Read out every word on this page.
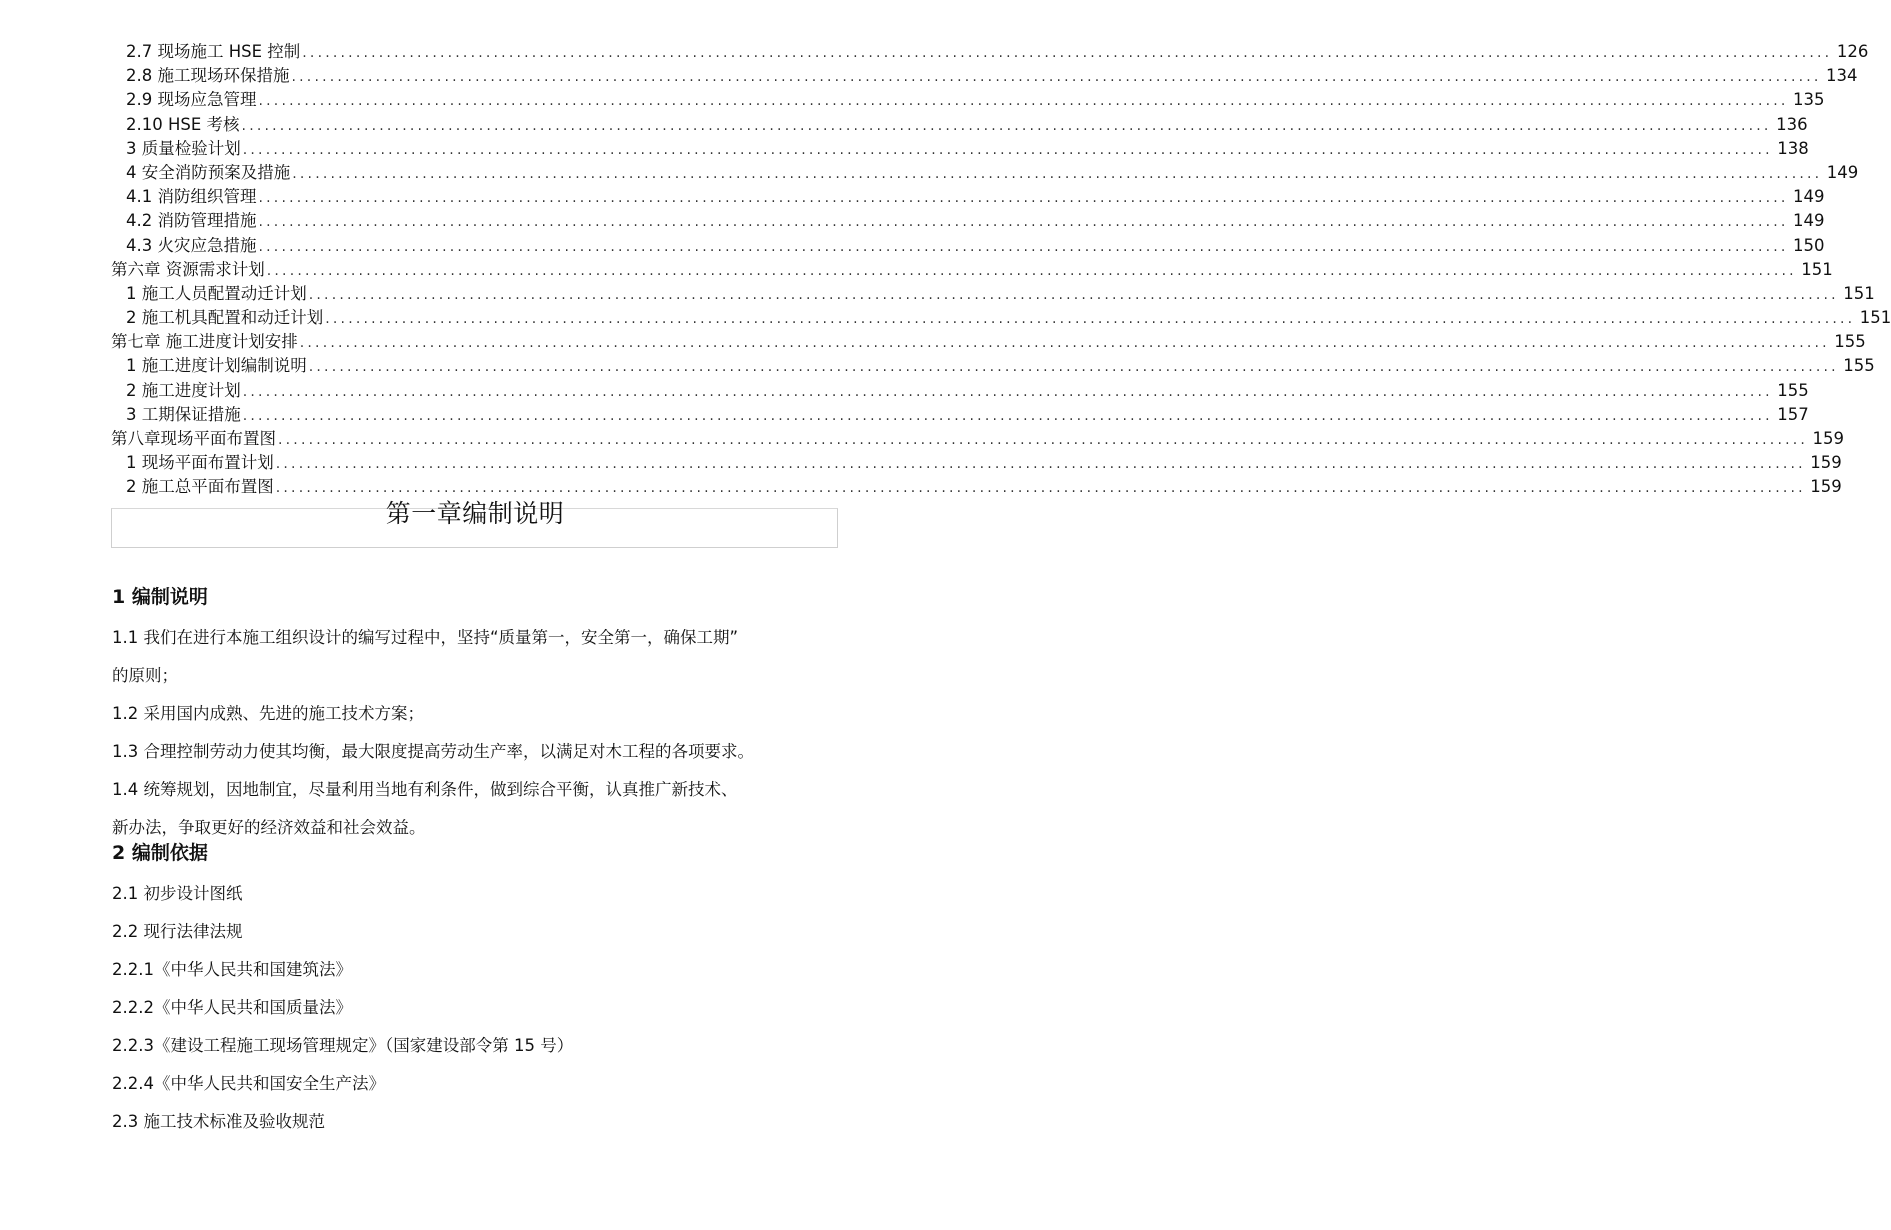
2.7 现场施工 HSE 控制 ........................................................................................................................................................................................................ 126
2.8 施工现场环保措施 ........................................................................................................................................................................................................ 134
2.9 现场应急管理 ........................................................................................................................................................................................................ 135
2.10 HSE 考核 ........................................................................................................................................................................................................ 136
3 质量检验计划 ........................................................................................................................................................................................................ 138
4 安全消防预案及措施 ........................................................................................................................................................................................................ 149
4.1 消防组织管理 ........................................................................................................................................................................................................ 149
4.2 消防管理措施 ........................................................................................................................................................................................................ 149
4.3 火灾应急措施 ........................................................................................................................................................................................................ 150
第六章 资源需求计划 ........................................................................................................................................................................................................ 151
1 施工人员配置动迁计划 ........................................................................................................................................................................................................ 151
2 施工机具配置和动迁计划 ........................................................................................................................................................................................................ 151
第七章 施工进度计划安排 ........................................................................................................................................................................................................ 155
1 施工进度计划编制说明 ........................................................................................................................................................................................................ 155
2 施工进度计划 ........................................................................................................................................................................................................ 155
3 工期保证措施 ........................................................................................................................................................................................................ 157
第八章现场平面布置图 ........................................................................................................................................................................................................ 159
1 现场平面布置计划 ........................................................................................................................................................................................................ 159
2 施工总平面布置图 ........................................................................................................................................................................................................ 159
第一章编制说明
1 编制说明
1.1 我们在进行本施工组织设计的编写过程中，坚持“质量第一，安全第一，确保工期”
的原则；
1.2 采用国内成熟、先进的施工技术方案；
1.3 合理控制劳动力使其均衡，最大限度提高劳动生产率，以满足对木工程的各项要求。
1.4 统筹规划，因地制宜，尽量利用当地有利条件，做到综合平衡，认真推广新技术、
新办法，争取更好的经济效益和社会效益。
2 编制依据
2.1 初步设计图纸
2.2 现行法律法规
2.2.1《中华人民共和国建筑法》
2.2.2《中华人民共和国质量法》
2.2.3《建设工程施工现场管理规定》（国家建设部令第 15 号）
2.2.4《中华人民共和国安全生产法》
2.3 施工技术标准及验收规范
